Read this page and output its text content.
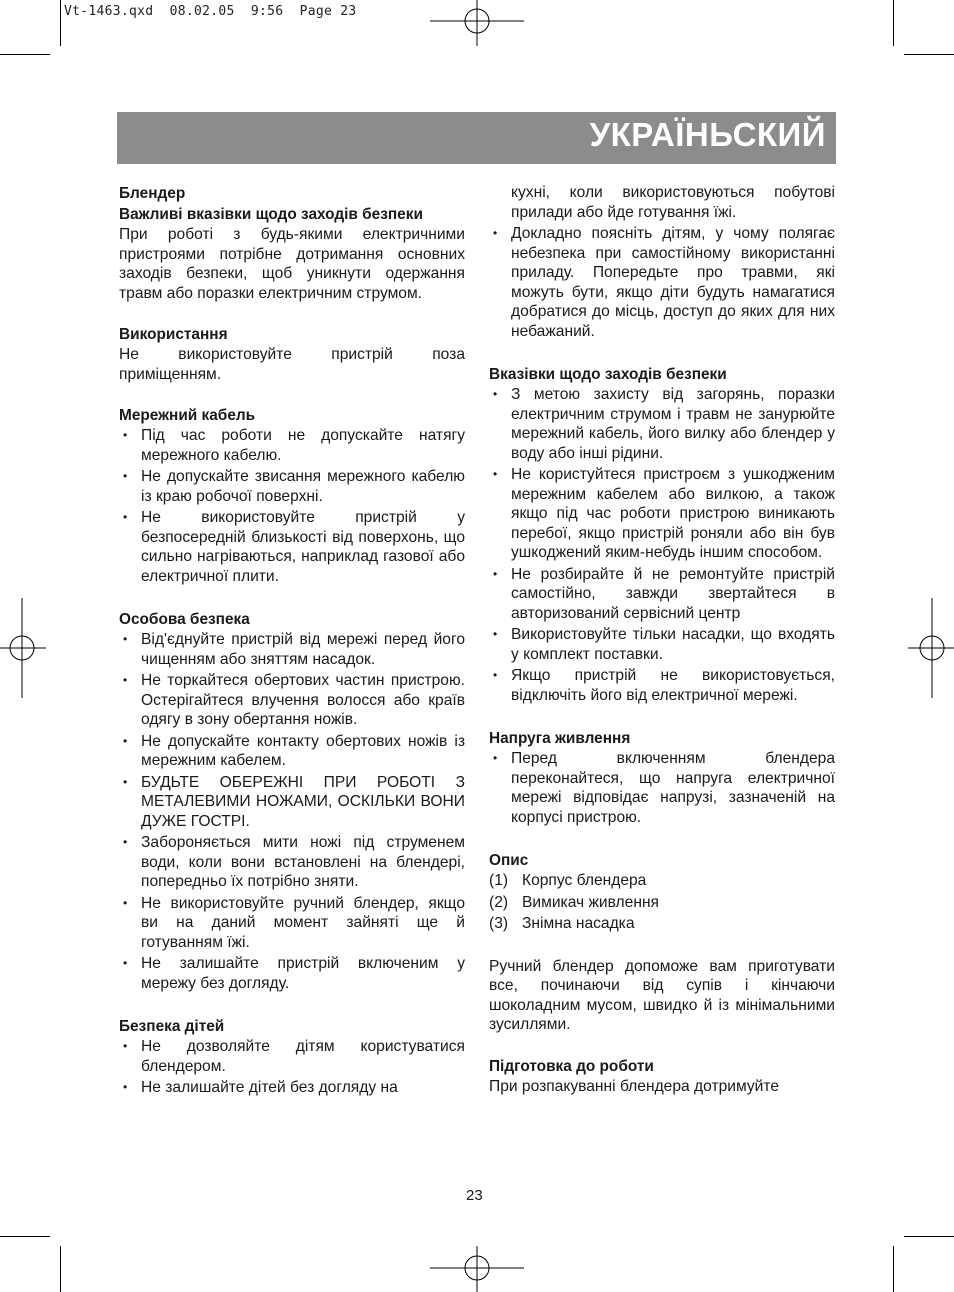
Vt-1463.qxd  08.02.05  9:56  Page 23
УКРАЇНЬСКИЙ
Блендер
Важливі вказівки щодо заходів безпеки

При роботі з будь-якими електричними пристроями потрібне дотримання основних заходів безпеки, щоб уникнути одержання травм або поразки електричним струмом.

Використання

Не використовуйте пристрій поза приміщенням.

Мережний кабель
• Під час роботи не допускайте натягу мережного кабелю.
• Не допускайте звисання мережного кабелю із краю робочої поверхні.
• Не використовуйте пристрій у безпосередній близькості від поверхонь, що сильно нагріваються, наприклад газової або електричної плити.
Особова безпека
• Від'єднуйте пристрій від мережі перед його чищенням або зняттям насадок.
• Не торкайтеся обертових частин пристрою. Остерігайтеся влучення волосся або країв одягу в зону обертання ножів.
• Не допускайте контакту обертових ножів із мережним кабелем.
• БУДЬТЕ ОБЕРЕЖНІ ПРИ РОБОТІ З МЕТАЛЕВИМИ НОЖАМИ, ОСКІЛЬКИ ВОНИ ДУЖЕ ГОСТРІ.
• Забороняється мити ножі під струменем води, коли вони встановлені на блендері, попередньо їх потрібно зняти.
• Не використовуйте ручний блендер, якщо ви на даний момент зайняті ще й готуванням їжі.
• Не залишайте пристрій включеним у мережу без догляду.
Безпека дітей
• Не дозволяйте дітям користуватися блендером.
• Не залишайте дітей без догляду на

кухні, коли використовуються побутові прилади або йде готування їжі.

• Докладно поясніть дітям, у чому полягає небезпека при самостійному використанні приладу. Попередьте про травми, які можуть бути, якщо діти будуть намагатися добратися до місць, доступ до яких для них небажаний.
Вказівки щодо заходів безпеки
• З метою захисту від загорянь, поразки електричним струмом і травм не занурюйте мережний кабель, його вилку або блендер у воду або інші рідини.
• Не користуйтеся пристроєм з ушкодженим мережним кабелем або вилкою, а також якщо під час роботи пристрою виникають перебої, якщо пристрій роняли або він був ушкоджений яким-небудь іншим способом.
• Не розбирайте й не ремонтуйте пристрій самостійно, завжди звертайтеся в авторизований сервісний центр
• Використовуйте тільки насадки, що входять у комплект поставки.
• Якщо пристрій не використовується, відключіть його від електричної мережі.
Напруга живлення
• Перед включенням блендера переконайтеся, що напруга електричної мережі відповідає напрузі, зазначеній на корпусі пристрою.
Опис
(1) Корпус блендера
(2) Вимикач живлення
(3) Знімна насадка

Ручний блендер допоможе вам приготувати все, починаючи від супів і кінчаючи шоколадним мусом, швидко й із мінімальними зусиллями.

Підготовка до роботи

При розпакуванні блендера дотримуйте

23
